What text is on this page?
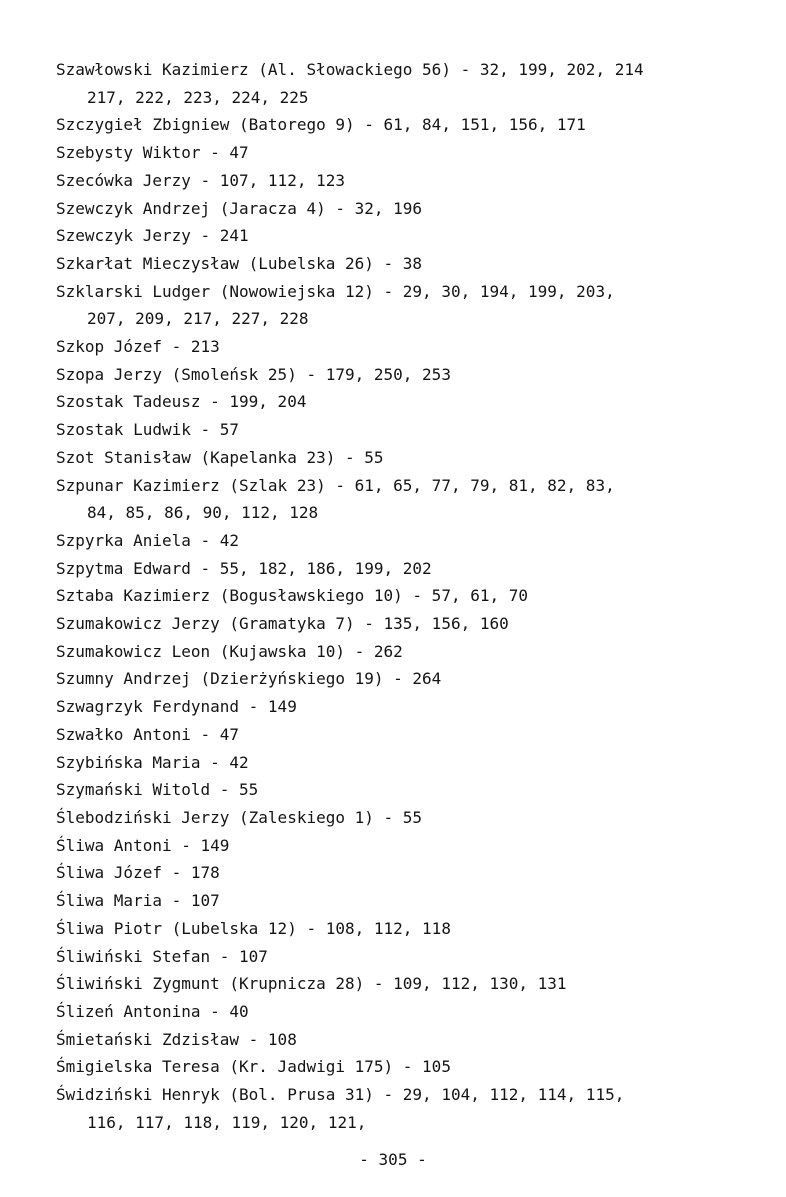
Szawłowski Kazimierz (Al. Słowackiego 56) - 32, 199, 202, 214
217, 222, 223, 224, 225

Szczygieł Zbigniew (Batorego 9) - 61, 84, 151, 156, 171

Szebysty Wiktor - 47

Szecówka Jerzy - 107, 112, 123

Szewczyk Andrzej (Jaracza 4) - 32, 196

Szewczyk Jerzy - 241

Szkarłat Mieczysław (Lubelska 26) - 38

Szklarski Ludger (Nowowiejska 12) - 29, 30, 194, 199, 203,
207, 209, 217, 227, 228

Szkop Józef - 213

Szopa Jerzy (Smoleńsk 25) - 179, 250, 253

Szostak Tadeusz - 199, 204

Szostak Ludwik - 57

Szot Stanisław (Kapelanka 23) - 55

Szpunar Kazimierz (Szlak 23) - 61, 65, 77, 79, 81, 82, 83,
84, 85, 86, 90, 112, 128

Szpyrka Aniela - 42

Szpytma Edward - 55, 182, 186, 199, 202

Sztaba Kazimierz (Bogusławskiego 10) - 57, 61, 70

Szumakowicz Jerzy (Gramatyka 7) - 135, 156, 160

Szumakowicz Leon (Kujawska 10) - 262

Szumny Andrzej (Dzierżyńskiego 19) - 264

Szwagrzyk Ferdynand - 149

Szwałko Antoni - 47

Szybińska Maria - 42

Szymański Witold - 55

Ślebodziński Jerzy (Zaleskiego 1) - 55

Śliwa Antoni - 149

Śliwa Józef - 178

Śliwa Maria - 107

Śliwa Piotr (Lubelska 12) - 108, 112, 118

Śliwiński Stefan - 107

Śliwiński Zygmunt (Krupnicza 28) - 109, 112, 130, 131

Ślizeń Antonina - 40

Śmietański Zdzisław - 108

Śmigielska Teresa (Kr. Jadwigi 175) - 105

Świdziński Henryk (Bol. Prusa 31) - 29, 104, 112, 114, 115,
116, 117, 118, 119, 120, 121,

- 305 -
